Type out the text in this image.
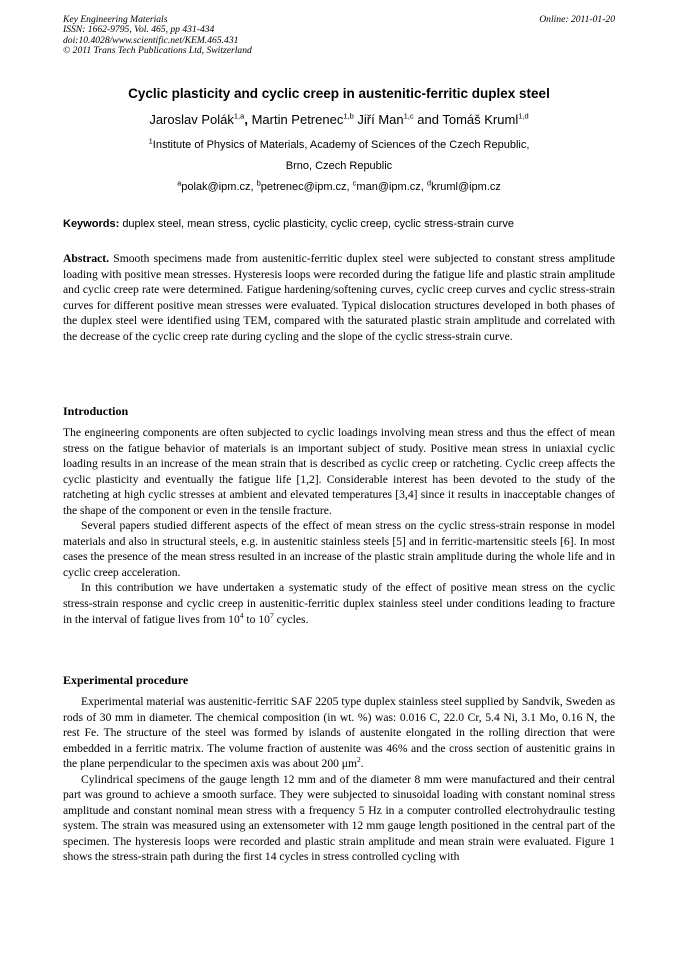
Key Engineering Materials
ISSN: 1662-9795, Vol. 465, pp 431-434
doi:10.4028/www.scientific.net/KEM.465.431
© 2011 Trans Tech Publications Ltd, Switzerland
Online: 2011-01-20
Cyclic plasticity and cyclic creep in austenitic-ferritic duplex steel
Jaroslav Polák$^{1,a}$, Martin Petrenec$^{1,b}$ Jiří Man$^{1,c}$ and Tomáš Kruml$^{1,d}$
$^1$Institute of Physics of Materials, Academy of Sciences of the Czech Republic,
Brno, Czech Republic
$^a$polak@ipm.cz, $^b$petrenec@ipm.cz, $^c$man@ipm.cz, $^d$kruml@ipm.cz
Keywords: duplex steel, mean stress, cyclic plasticity, cyclic creep, cyclic stress-strain curve

Abstract. Smooth specimens made from austenitic-ferritic duplex steel were subjected to constant stress amplitude loading with positive mean stresses. Hysteresis loops were recorded during the fatigue life and plastic strain amplitude and cyclic creep rate were determined. Fatigue hardening/softening curves, cyclic creep curves and cyclic stress-strain curves for different positive mean stresses were evaluated. Typical dislocation structures developed in both phases of the duplex steel were identified using TEM, compared with the saturated plastic strain amplitude and correlated with the decrease of the cyclic creep rate during cycling and the slope of the cyclic stress-strain curve.

Introduction

The engineering components are often subjected to cyclic loadings involving mean stress and thus the effect of mean stress on the fatigue behavior of materials is an important subject of study. Positive mean stress in uniaxial cyclic loading results in an increase of the mean strain that is described as cyclic creep or ratcheting. Cyclic creep affects the cyclic plasticity and eventually the fatigue life [1,2]. Considerable interest has been devoted to the study of the ratcheting at high cyclic stresses at ambient and elevated temperatures [3,4] since it results in inacceptable changes of the shape of the component or even in the tensile fracture.

Several papers studied different aspects of the effect of mean stress on the cyclic stress-strain response in model materials and also in structural steels, e.g. in austenitic stainless steels [5] and in ferritic-martensitic steels [6]. In most cases the presence of the mean stress resulted in an increase of the plastic strain amplitude during the whole life and in cyclic creep acceleration.

In this contribution we have undertaken a systematic study of the effect of positive mean stress on the cyclic stress-strain response and cyclic creep in austenitic-ferritic duplex stainless steel under conditions leading to fracture in the interval of fatigue lives from $10^4$ to $10^7$ cycles.

Experimental procedure

Experimental material was austenitic-ferritic SAF 2205 type duplex stainless steel supplied by Sandvik, Sweden as rods of 30 mm in diameter. The chemical composition (in wt. %) was: 0.016 C, 22.0 Cr, 5.4 Ni, 3.1 Mo, 0.16 N, the rest Fe. The structure of the steel was formed by islands of austenite elongated in the rolling direction that were embedded in a ferritic matrix. The volume fraction of austenite was 46% and the cross section of austenitic grains in the plane perpendicular to the specimen axis was about 200 $\mu m^2$.

Cylindrical specimens of the gauge length 12 mm and of the diameter 8 mm were manufactured and their central part was ground to achieve a smooth surface. They were subjected to sinusoidal loading with constant nominal stress amplitude and constant nominal mean stress with a frequency 5 Hz in a computer controlled electrohydraulic testing system. The strain was measured using an extensometer with 12 mm gauge length positioned in the central part of the specimen. The hysteresis loops were recorded and plastic strain amplitude and mean strain were evaluated. Figure 1 shows the stress-strain path during the first 14 cycles in stress controlled cycling with
